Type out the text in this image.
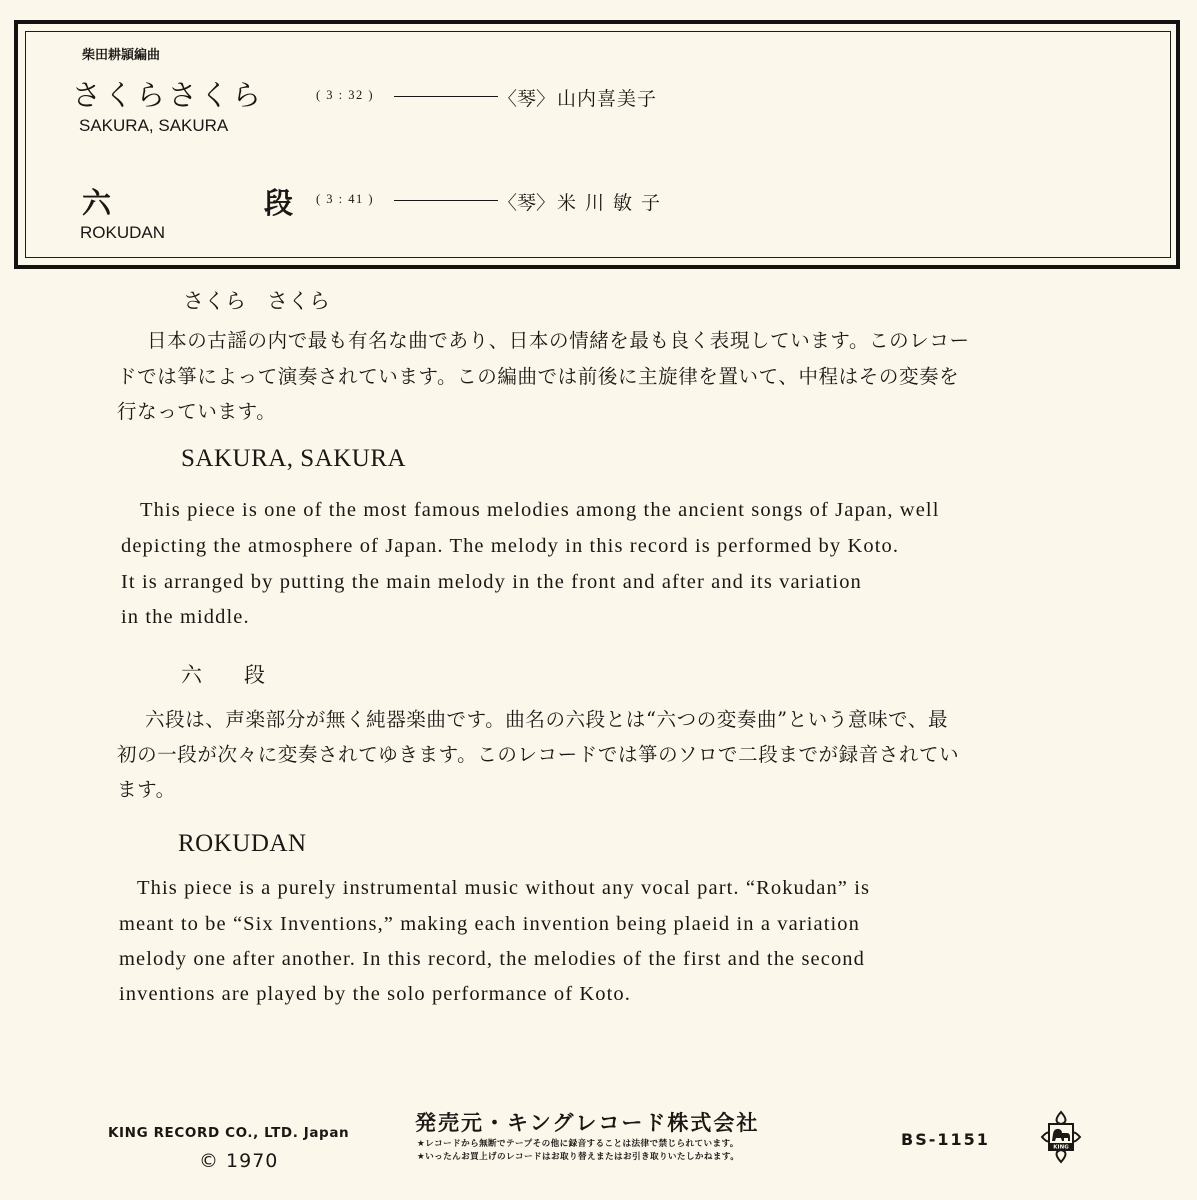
柴田耕頴編曲
さくらさくら	( 3 : 32 )	〈琴〉 山内喜美子
SAKURA, SAKURA
六	段 ( 3 : 41 )	〈琴〉 米川敏子
ROKUDAN
さくら　さくら
日本の古謡の内で最も有名な曲であり、日本の情緒を最も良く表現しています。このレコー
ドでは箏によって演奏されています。この編曲では前後に主旋律を置いて、中程はその変奏を
行なっています。
SAKURA, SAKURA
This piece is one of the most famous melodies among the ancient songs of Japan, well
depicting the atmosphere of Japan. The melody in this record is performed by Koto.
It is arranged by putting the main melody in the front and after and its variation
in the middle.
六　　段
六段は、声楽部分が無く純器楽曲です。曲名の六段とは“六つの変奏曲”という意味で、最
初の一段が次々に変奏されてゆきます。このレコードでは箏のソロで二段までが録音されてい
ます。
ROKUDAN
This piece is a purely instrumental music without any vocal part. “Rokudan” is
meant to be “Six Inventions,” making each invention being plaeid in a variation
melody one after another. In this record, the melodies of the first and the second
inventions are played by the solo performance of Koto.
KING RECORD CO., LTD. Japan
© 1970
発売元・キングレコード株式会社
★レコードから無断でテープその他に録音することは法律で禁じられています。
★いったんお買上げのレコードはお取り替えまたはお引き取りいたしかねます。
BS-1151	KING
